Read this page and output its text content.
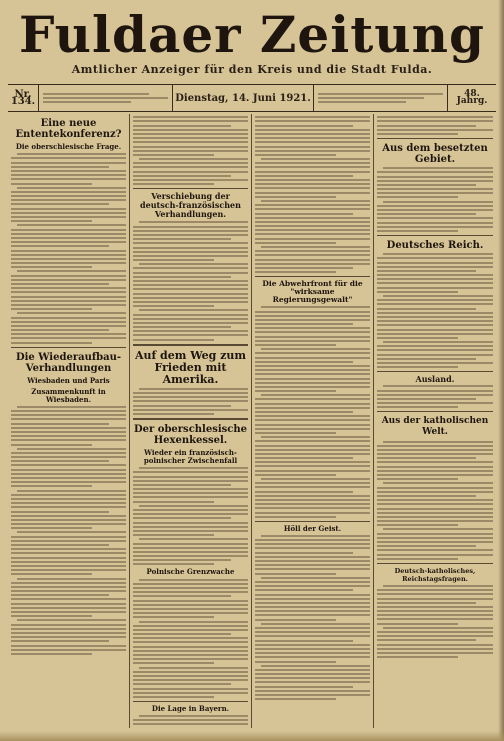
Fuldaer Zeitung
Amtlicher Anzeiger für den Kreis und die Stadt Fulda.
Nr. 134.	Dienstag, 14. Juni 1921.	48. Jahrg.
Eine neue Ententekonferenz?
Die oberschlesische Frage.
Die Wiederaufbau-Verhandlungen
Wiesbaden und Paris
Zusammenkunft in Wiesbaden.
Verschiebung der deutsch-französischen Verhandlungen.
Auf dem Weg zum Frieden mit Amerika.
Der oberschlesische Hexenkessel.
Wieder ein französisch-polnischer Zwischenfall
Polnische Grenzwache
Die Lage in Bayern.
Die Abwehrfront für die "wirksame Regierungsgewalt"
Höll der Geist.
Aus dem besetzten Gebiet.
Deutsches Reich.
Ausland.
Aus der katholischen Welt.
Deutsch-katholisches, Reichstagsfragen.
